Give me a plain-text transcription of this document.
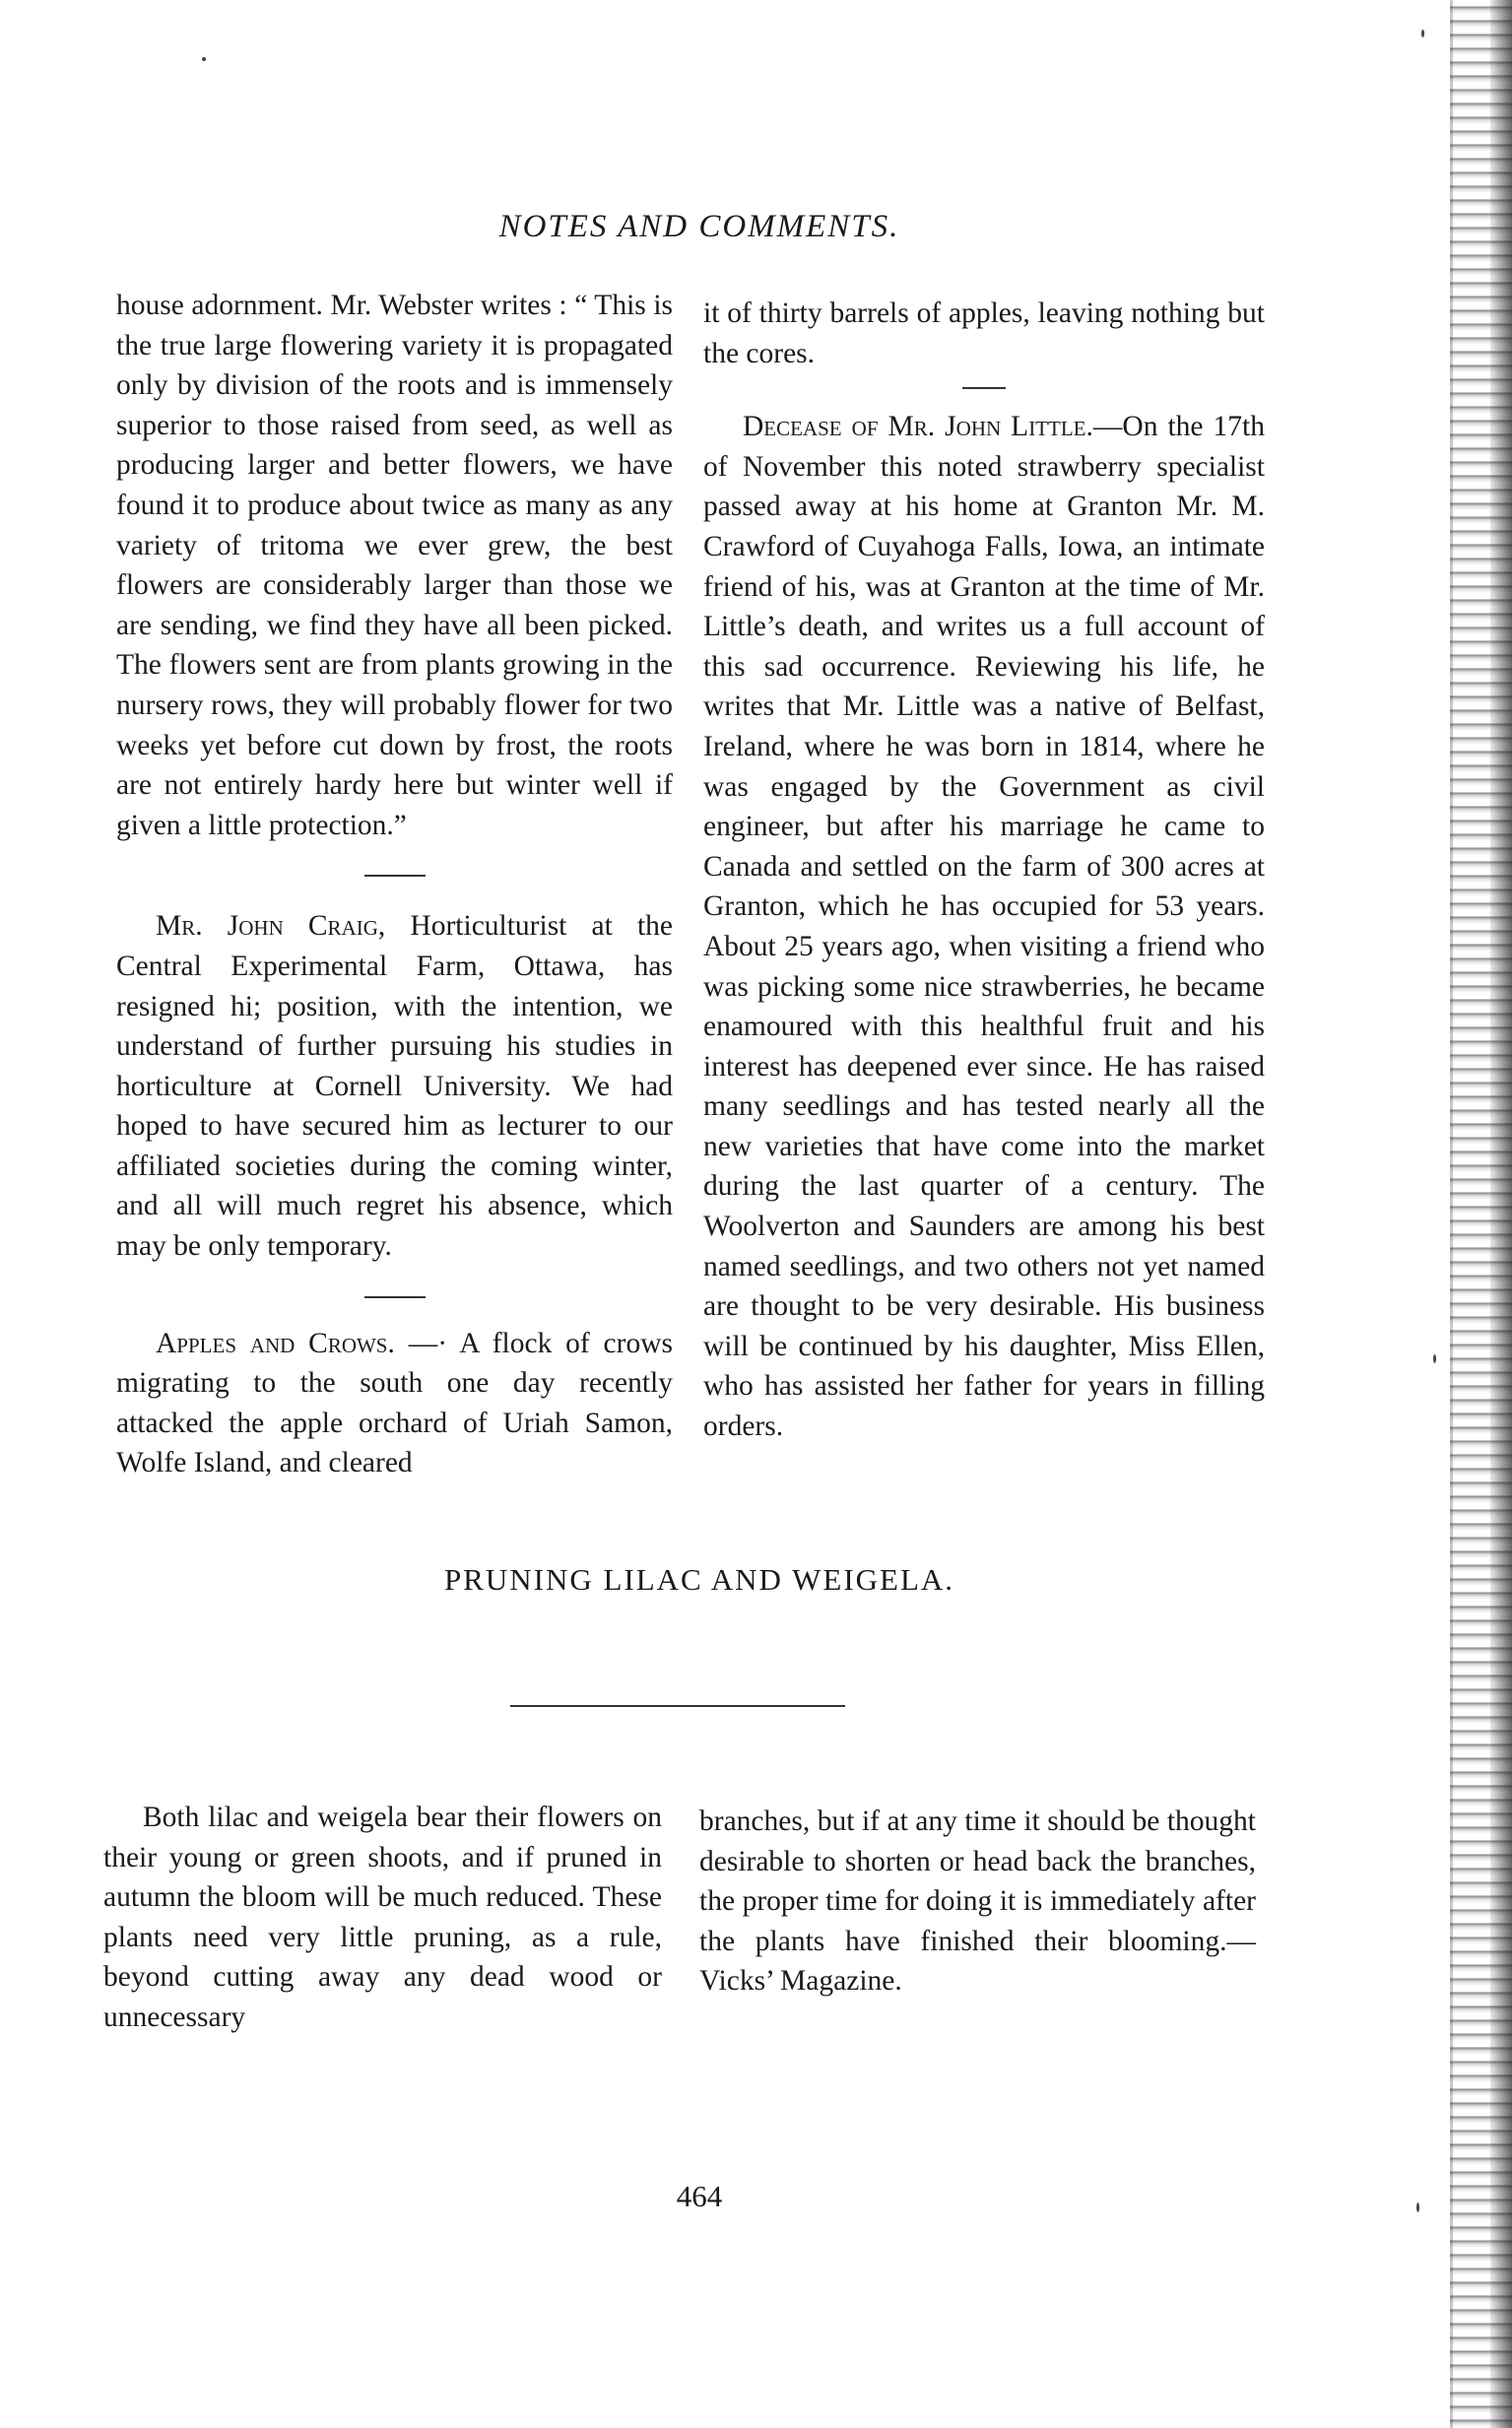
NOTES AND COMMENTS.

house adornment. Mr. Webster writes : “ This is the true large flowering variety it is propagated only by division of the roots and is immensely superior to those raised from seed, as well as producing larger and better flowers, we have found it to produce about twice as many as any variety of tritoma we ever grew, the best flowers are considerably larger than those we are sending, we find they have all been picked. The flowers sent are from plants growing in the nursery rows, they will probably flower for two weeks yet before cut down by frost, the roots are not entirely hardy here but winter well if given a little protection.”

Mr. John Craig, Horticulturist at the Central Experimental Farm, Ottawa, has resigned hi; position, with the intention, we understand of further pursuing his studies in horticulture at Cornell University. We had hoped to have secured him as lecturer to our affiliated societies during the coming winter, and all will much regret his absence, which may be only temporary.

Apples and Crows. —· A flock of crows migrating to the south one day recently attacked the apple orchard of Uriah Samon, Wolfe Island, and cleared

it of thirty barrels of apples, leaving nothing but the cores.

Decease of Mr. John Little.—On the 17th of November this noted strawberry specialist passed away at his home at Granton Mr. M. Crawford of Cuyahoga Falls, Iowa, an intimate friend of his, was at Granton at the time of Mr. Little’s death, and writes us a full account of this sad occurrence. Reviewing his life, he writes that Mr. Little was a native of Belfast, Ireland, where he was born in 1814, where he was engaged by the Government as civil engineer, but after his marriage he came to Canada and settled on the farm of 300 acres at Granton, which he has occupied for 53 years. About 25 years ago, when visiting a friend who was picking some nice strawberries, he became enamoured with this healthful fruit and his interest has deepened ever since. He has raised many seedlings and has tested nearly all the new varieties that have come into the market during the last quarter of a century. The Woolverton and Saunders are among his best named seedlings, and two others not yet named are thought to be very desirable. His business will be continued by his daughter, Miss Ellen, who has assisted her father for years in filling orders.

PRUNING LILAC AND WEIGELA.

Both lilac and weigela bear their flowers on their young or green shoots, and if pruned in autumn the bloom will be much reduced. These plants need very little pruning, as a rule, beyond cutting away any dead wood or unnecessary

branches, but if at any time it should be thought desirable to shorten or head back the branches, the proper time for doing it is immediately after the plants have finished their blooming.—Vicks’ Magazine.

464
